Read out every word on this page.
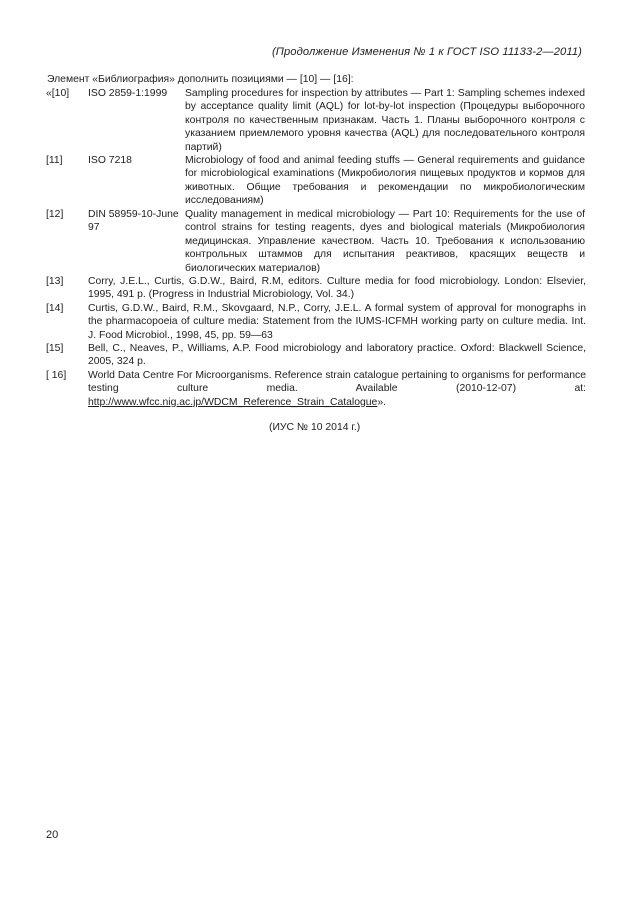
(Продолжение Изменения № 1 к ГОСТ ISO 11133-2—2011)
Элемент «Библиография» дополнить позициями — [10] — [16]:
«[10] ISO 2859-1:1999	Sampling procedures for inspection by attributes — Part 1: Sampling schemes indexed by acceptance quality limit (AQL) for lot-by-lot inspection (Процедуры выборочного контроля по качественным признакам. Часть 1. Планы выборочного контроля с указанием приемлемого уровня качества (AQL) для последовательного контроля партий)
[11] ISO 7218	Microbiology of food and animal feeding stuffs — General requirements and guidance for microbiological examinations (Микробиология пищевых продуктов и кормов для животных. Общие требования и рекомендации по микробиологическим исследованиям)
[12] DIN 58959-10-June 97
Quality management in medical microbiology — Part 10: Requirements for the use of control strains for testing reagents, dyes and biological materials (Микробиология медицинская. Управление качеством. Часть 10. Требования к использованию контрольных штаммов для испытания реактивов, красящих веществ и биологических материалов)
[13] Corry, J.E.L., Curtis, G.D.W., Baird, R.M, editors. Culture media for food microbiology. London: Elsevier, 1995, 491 p. (Progress in Industrial Microbiology, Vol. 34.)
[14] Curtis, G.D.W., Baird, R.M., Skovgaard, N.P., Corry, J.E.L. A formal system of approval for monographs in the pharmacopoeia of culture media: Statement from the IUMS-ICFMH working party on culture media. Int. J. Food Microbiol., 1998, 45, pp. 59—63
[15] Bell, C., Neaves, P., Williams, A.P. Food microbiology and laboratory practice. Oxford: Blackwell Science, 2005, 324 p.
[ 16] World Data Centre For Microorganisms. Reference strain catalogue pertaining to organisms for performance testing culture media. Available (2010-12-07) at: http://www.wfcc.nig.ac.jp/WDCM_Reference_Strain_Catalogue».
(ИУС № 10 2014 г.)
20
